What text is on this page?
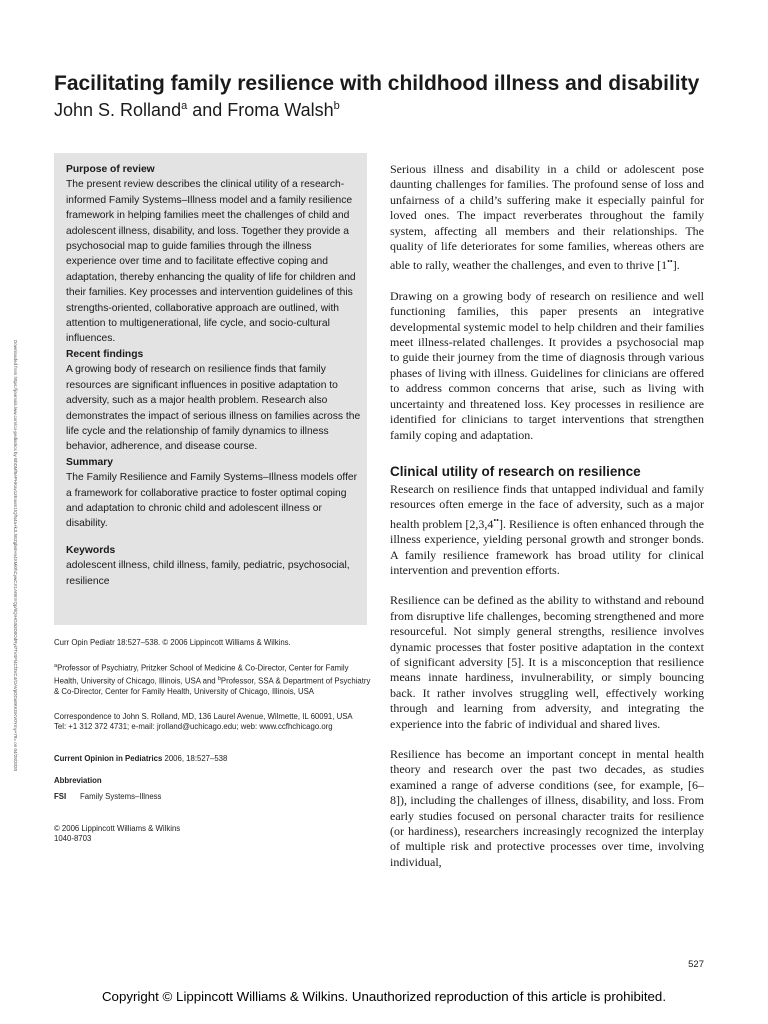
Facilitating family resilience with childhood illness and disability
John S. Rolland$^a$ and Froma Walsh$^b$
Downloaded from https://journals.lww.com/co-pediatrics by BhDMf5ePHKav1zEoum1tQfN4a+kJLhEZgbsIHo4XMi0hCywCX1AWnYQp/IlQrHD3i3D0OdRyi7TvSFl4Cf3VC4/OAVpDDa8KKGKV0Ymy+78= on 04/28/2020
Purpose of review

The present review describes the clinical utility of a research-informed Family Systems–Illness model and a family resilience framework in helping families meet the challenges of child and adolescent illness, disability, and loss. Together they provide a psychosocial map to guide families through the illness experience over time and to facilitate effective coping and adaptation, thereby enhancing the quality of life for children and their families. Key processes and intervention guidelines of this strengths-oriented, collaborative approach are outlined, with attention to multigenerational, life cycle, and socio-cultural influences.

Recent findings

A growing body of research on resilience finds that family resources are significant influences in positive adaptation to adversity, such as a major health problem. Research also demonstrates the impact of serious illness on families across the life cycle and the relationship of family dynamics to illness behavior, adherence, and disease course.

Summary

The Family Resilience and Family Systems–Illness models offer a framework for collaborative practice to foster optimal coping and adaptation to chronic child and adolescent illness or disability.

Keywords

adolescent illness, child illness, family, pediatric, psychosocial, resilience

Curr Opin Pediatr 18:527–538. © 2006 Lippincott Williams & Wilkins.
$^a$Professor of Psychiatry, Pritzker School of Medicine & Co-Director, Center for Family Health, University of Chicago, Illinois, USA and $^b$Professor, SSA & Department of Psychiatry & Co-Director, Center for Family Health, University of Chicago, Illinois, USA
Correspondence to John S. Rolland, MD, 136 Laurel Avenue, Wilmette, IL 60091, USA
Tel: +1 312 372 4731; e-mail: jrolland@uchicago.edu; web: www.ccfhchicago.org
Current Opinion in Pediatrics 2006, 18:527–538
Abbreviation
FSI Family Systems–Illness
© 2006 Lippincott Williams & Wilkins
1040-8703

Serious illness and disability in a child or adolescent pose daunting challenges for families. The profound sense of loss and unfairness of a child’s suffering make it especially painful for loved ones. The impact reverberates throughout the family system, affecting all members and their relationships. The quality of life deteriorates for some families, whereas others are able to rally, weather the challenges, and even to thrive [1••].

Drawing on a growing body of research on resilience and well functioning families, this paper presents an integrative developmental systemic model to help children and their families meet illness-related challenges. It provides a psychosocial map to guide their journey from the time of diagnosis through various phases of living with illness. Guidelines for clinicians are offered to address common concerns that arise, such as living with uncertainty and threatened loss. Key processes in resilience are identified for clinicians to target interventions that strengthen family coping and adaptation.

Clinical utility of research on resilience

Research on resilience finds that untapped individual and family resources often emerge in the face of adversity, such as a major health problem [2,3,4••]. Resilience is often enhanced through the illness experience, yielding personal growth and stronger bonds. A family resilience framework has broad utility for clinical intervention and prevention efforts.

Resilience can be defined as the ability to withstand and rebound from disruptive life challenges, becoming strengthened and more resourceful. Not simply general strengths, resilience involves dynamic processes that foster positive adaptation in the context of significant adversity [5]. It is a misconception that resilience means innate hardiness, invulnerability, or simply bouncing back. It rather involves struggling well, effectively working through and learning from adversity, and integrating the experience into the fabric of individual and shared lives.

Resilience has become an important concept in mental health theory and research over the past two decades, as studies examined a range of adverse conditions (see, for example, [6–8]), including the challenges of illness, disability, and loss. From early studies focused on personal character traits for resilience (or hardiness), researchers increasingly recognized the interplay of multiple risk and protective processes over time, involving individual,

527
Copyright © Lippincott Williams & Wilkins. Unauthorized reproduction of this article is prohibited.
